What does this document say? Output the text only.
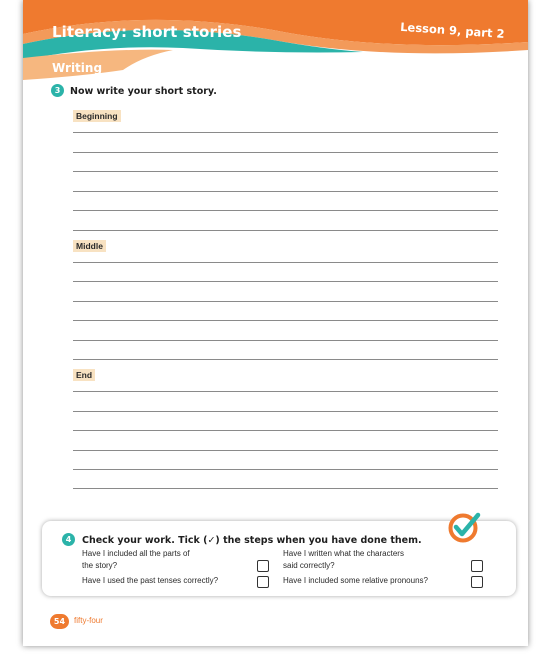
Literacy: short stories	Lesson 9, part 2
Writing
3	Now write your short story.
Beginning
Middle
End
4	Check your work. Tick (✓) the steps when you have done them.
Have I included all the parts of
the story?
Have I used the past tenses correctly?
Have I written what the characters
said correctly?
Have I included some relative pronouns?
54	fifty-four
